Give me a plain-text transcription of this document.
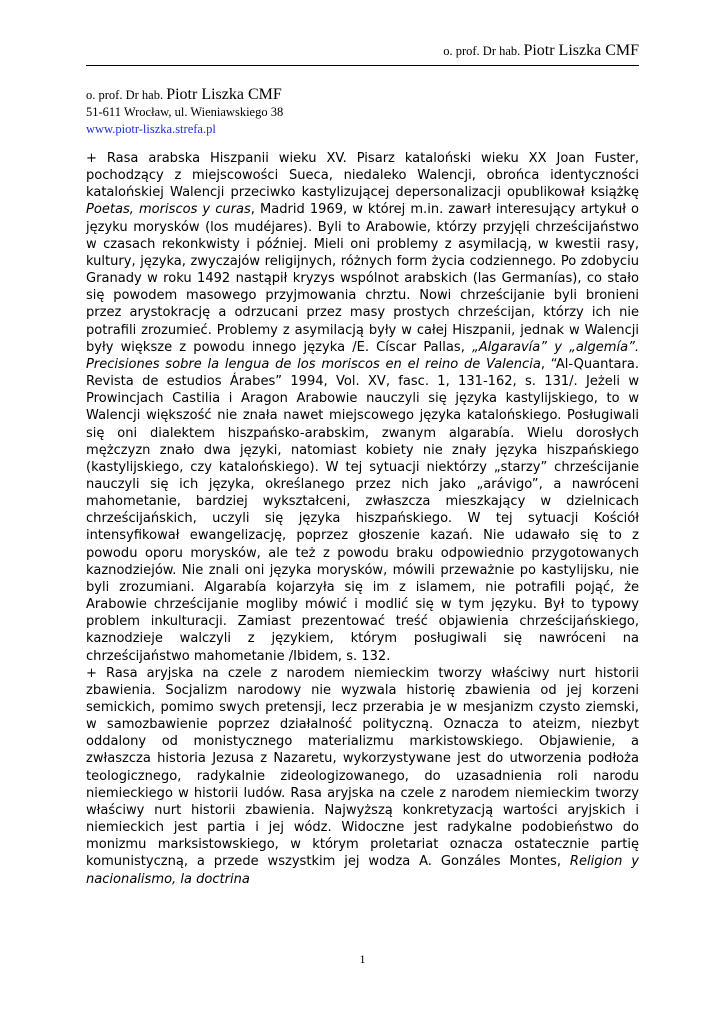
o. prof. Dr hab. Piotr Liszka CMF
o. prof. Dr hab. Piotr Liszka CMF
51-611 Wrocław, ul. Wieniawskiego 38
www.piotr-liszka.strefa.pl

+ Rasa arabska Hiszpanii wieku XV. Pisarz kataloński wieku XX Joan Fuster, pochodzący z miejscowości Sueca, niedaleko Walencji, obrońca identyczności katalońskiej Walencji przeciwko kastylizującej depersonalizacji opublikował książkę Poetas, moriscos y curas, Madrid 1969, w której m.in. zawarł interesujący artykuł o języku morysków (los mudéjares). Byli to Arabowie, którzy przyjęli chrześcijaństwo w czasach rekonkwisty i później. Mieli oni problemy z asymilacją, w kwestii rasy, kultury, języka, zwyczajów religijnych, różnych form życia codziennego. Po zdobyciu Granady w roku 1492 nastąpił kryzys wspólnot arabskich (las Germanías), co stało się powodem masowego przyjmowania chrztu. Nowi chrześcijanie byli bronieni przez arystokrację a odrzucani przez masy prostych chrześcijan, którzy ich nie potrafili zrozumieć. Problemy z asymilacją były w całej Hiszpanii, jednak w Walencji były większe z powodu innego języka /E. Císcar Pallas, „Algaravía” y „algemía”. Precisiones sobre la lengua de los moriscos en el reino de Valencia, “Al-Quantara. Revista de estudios Árabes” 1994, Vol. XV, fasc. 1, 131-162, s. 131/. Jeżeli w Prowincjach Castilia i Aragon Arabowie nauczyli się języka kastylijskiego, to w Walencji większość nie znała nawet miejscowego języka katalońskiego. Posługiwali się oni dialektem hiszpańsko-arabskim, zwanym algarabía. Wielu dorosłych mężczyzn znało dwa języki, natomiast kobiety nie znały języka hiszpańskiego (kastylijskiego, czy katalońskiego). W tej sytuacji niektórzy „starzy” chrześcijanie nauczyli się ich języka, określanego przez nich jako „arávigo”, a nawróceni mahometanie, bardziej wykształceni, zwłaszcza mieszkający w dzielnicach chrześcijańskich, uczyli się języka hiszpańskiego. W tej sytuacji Kościół intensyfikował ewangelizację, poprzez głoszenie kazań. Nie udawało się to z powodu oporu morysków, ale też z powodu braku odpowiednio przygotowanych kaznodziejów. Nie znali oni języka morysków, mówili przeważnie po kastylijsku, nie byli zrozumiani. Algarabía kojarzyła się im z islamem, nie potrafili pojąć, że Arabowie chrześcijanie mogliby mówić i modlić się w tym języku. Był to typowy problem inkulturacji. Zamiast prezentować treść objawienia chrześcijańskiego, kaznodzieje walczyli z językiem, którym posługiwali się nawróceni na chrześcijaństwo mahometanie /Ibidem, s. 132.

+ Rasa aryjska na czele z narodem niemieckim tworzy właściwy nurt historii zbawienia. Socjalizm narodowy nie wyzwala historię zbawienia od jej korzeni semickich, pomimo swych pretensji, lecz przerabia je w mesjanizm czysto ziemski, w samozbawienie poprzez działalność polityczną. Oznacza to ateizm, niezbyt oddalony od monistycznego materializmu markistowskiego. Objawienie, a zwłaszcza historia Jezusa z Nazaretu, wykorzystywane jest do utworzenia podłoża teologicznego, radykalnie zideologizowanego, do uzasadnienia roli narodu niemieckiego w historii ludów. Rasa aryjska na czele z narodem niemieckim tworzy właściwy nurt historii zbawienia. Najwyższą konkretyzacją wartości aryjskich i niemieckich jest partia i jej wódz. Widoczne jest radykalne podobieństwo do monizmu marksistowskiego, w którym proletariat oznacza ostatecznie partię komunistyczną, a przede wszystkim jej wodza A. Gonzáles Montes, Religion y nacionalismo, la doctrina

1
